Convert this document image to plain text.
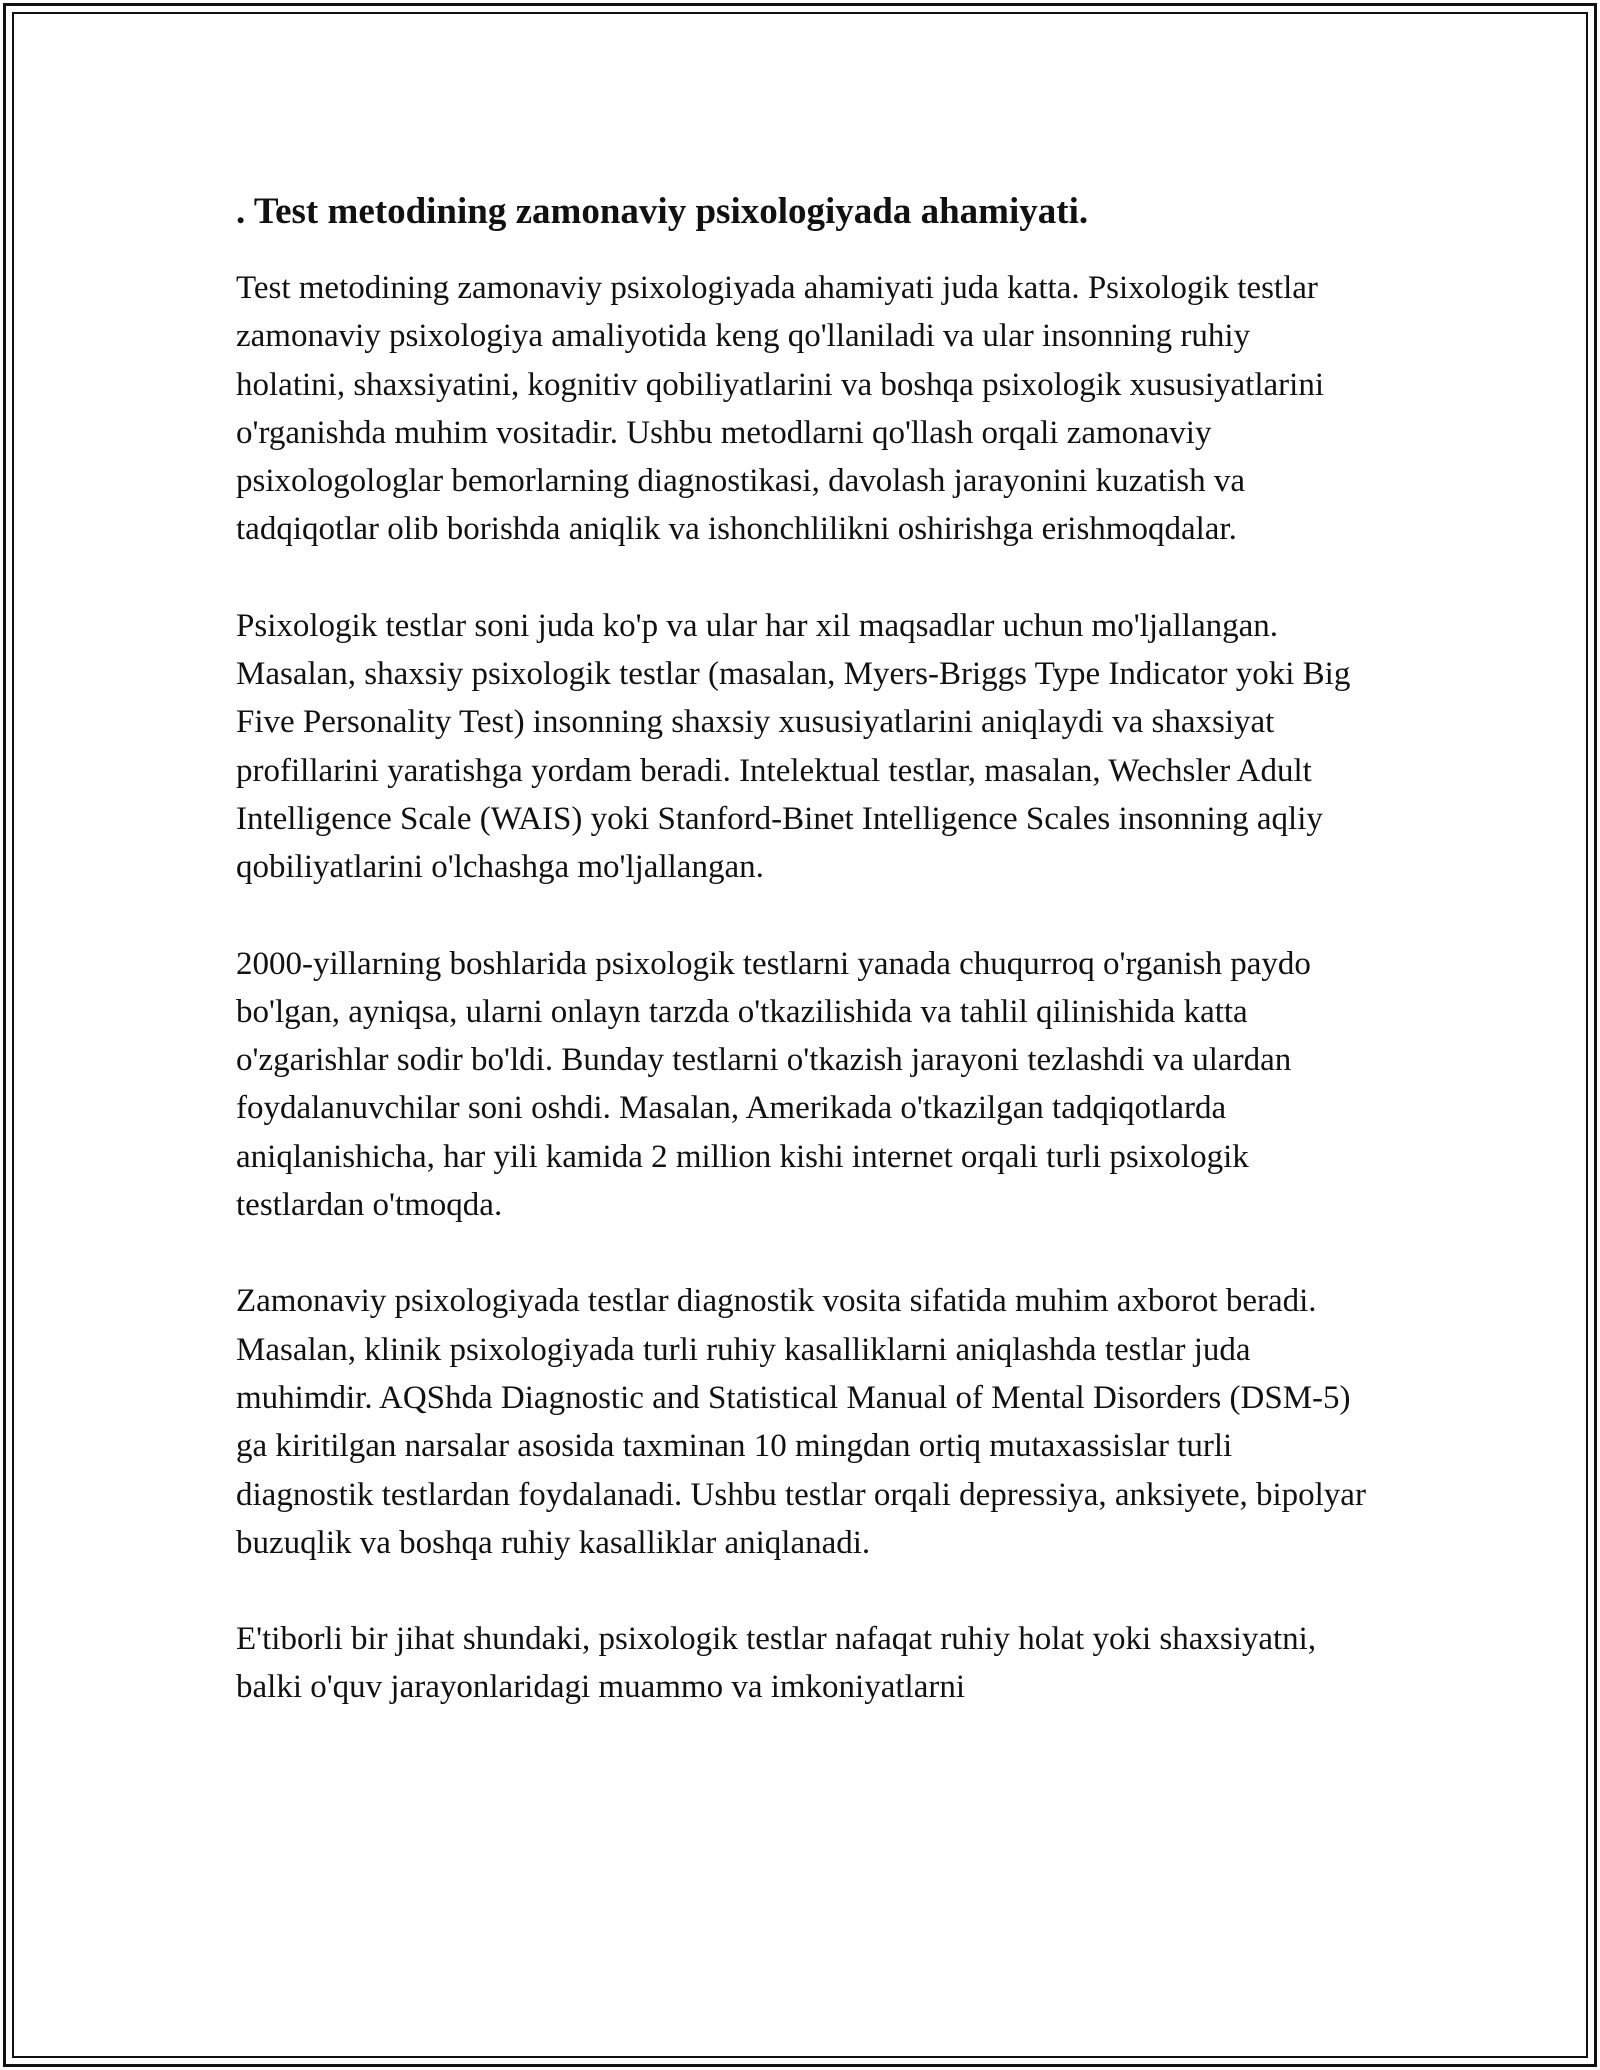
. Test metodining zamonaviy psixologiyada ahamiyati.

Test metodining zamonaviy psixologiyada ahamiyati juda katta. Psixologik testlar zamonaviy psixologiya amaliyotida keng qo'llaniladi va ular insonning ruhiy holatini, shaxsiyatini, kognitiv qobiliyatlarini va boshqa psixologik xususiyatlarini o'rganishda muhim vositadir. Ushbu metodlarni qo'llash orqali zamonaviy psixologologlar bemorlarning diagnostikasi, davolash jarayonini kuzatish va tadqiqotlar olib borishda aniqlik va ishonchlilikni oshirishga erishmoqdalar.

Psixologik testlar soni juda ko'p va ular har xil maqsadlar uchun mo'ljallangan. Masalan, shaxsiy psixologik testlar (masalan, Myers-Briggs Type Indicator yoki Big Five Personality Test) insonning shaxsiy xususiyatlarini aniqlaydi va shaxsiyat profillarini yaratishga yordam beradi. Intelektual testlar, masalan, Wechsler Adult Intelligence Scale (WAIS) yoki Stanford-Binet Intelligence Scales insonning aqliy qobiliyatlarini o'lchashga mo'ljallangan.

2000-yillarning boshlarida psixologik testlarni yanada chuqurroq o'rganish paydo bo'lgan, ayniqsa, ularni onlayn tarzda o'tkazilishida va tahlil qilinishida katta o'zgarishlar sodir bo'ldi. Bunday testlarni o'tkazish jarayoni tezlashdi va ulardan foydalanuvchilar soni oshdi. Masalan, Amerikada o'tkazilgan tadqiqotlarda aniqlanishicha, har yili kamida 2 million kishi internet orqali turli psixologik testlardan o'tmoqda.

Zamonaviy psixologiyada testlar diagnostik vosita sifatida muhim axborot beradi. Masalan, klinik psixologiyada turli ruhiy kasalliklarni aniqlashda testlar juda muhimdir. AQShda Diagnostic and Statistical Manual of Mental Disorders (DSM-5) ga kiritilgan narsalar asosida taxminan 10 mingdan ortiq mutaxassislar turli diagnostik testlardan foydalanadi. Ushbu testlar orqali depressiya, anksiyete, bipolyar buzuqlik va boshqa ruhiy kasalliklar aniqlanadi.

E'tiborli bir jihat shundaki, psixologik testlar nafaqat ruhiy holat yoki shaxsiyatni, balki o'quv jarayonlaridagi muammo va imkoniyatlarni
